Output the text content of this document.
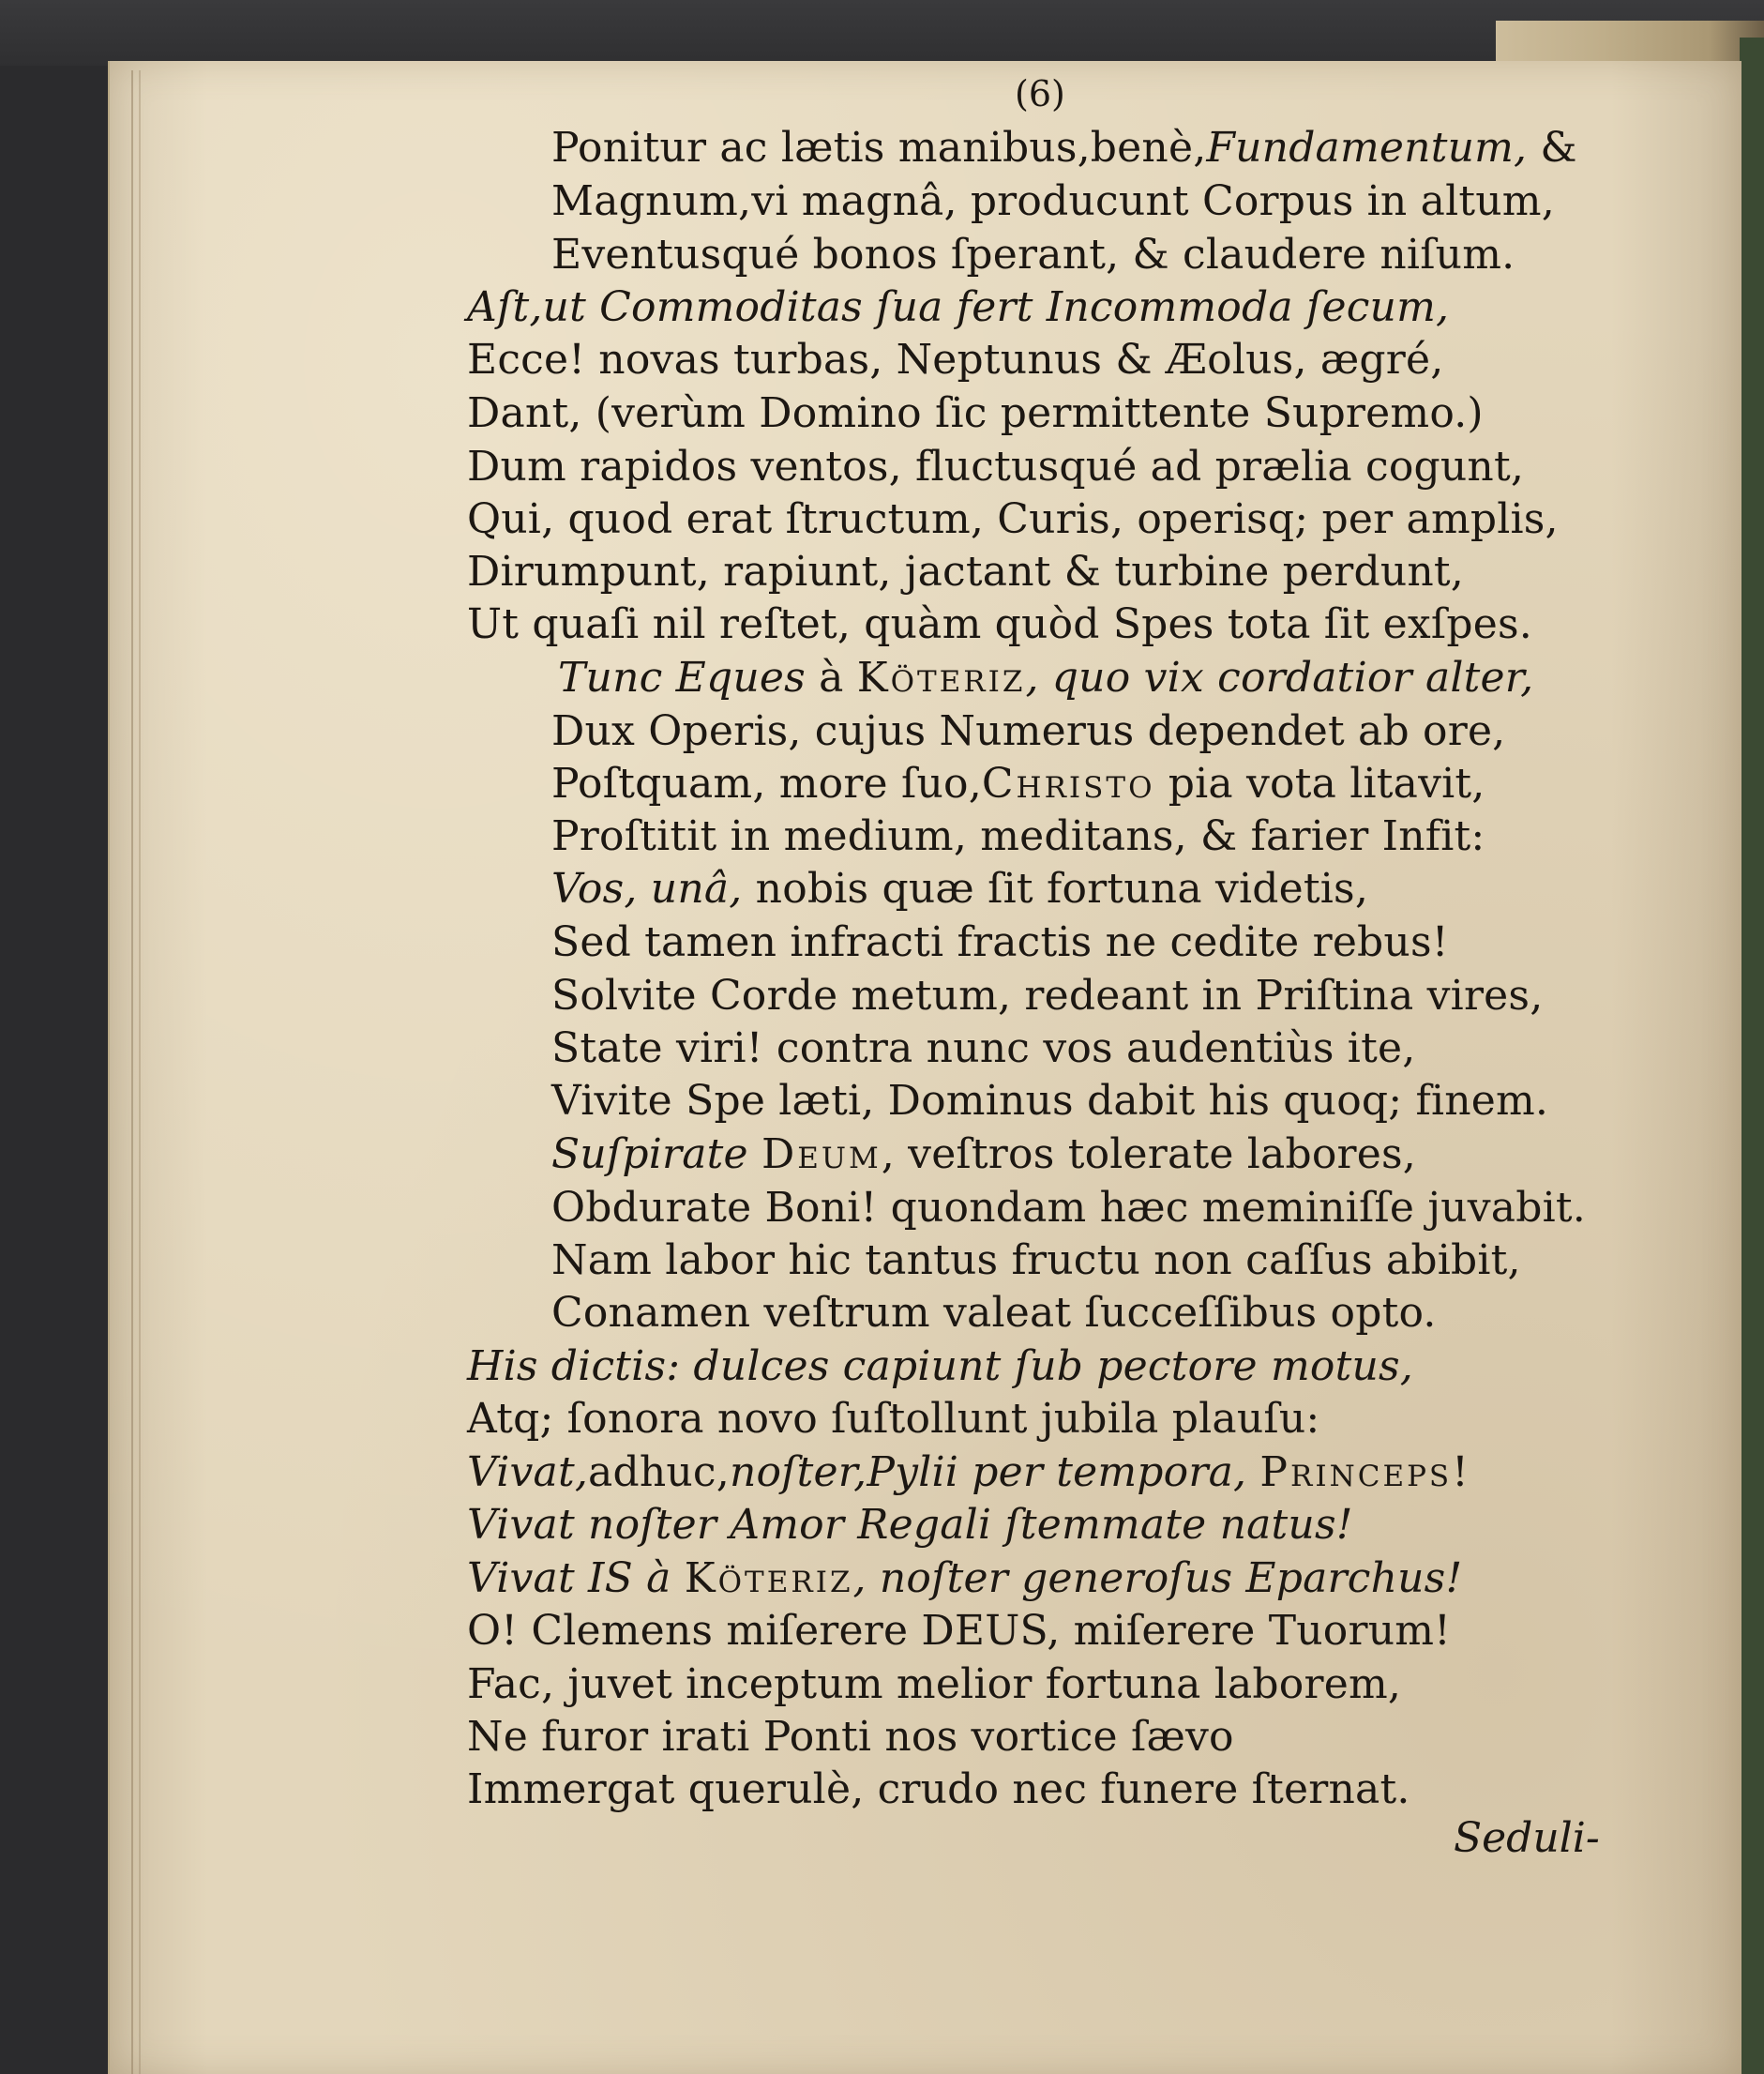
(6)
Ponitur ac lætis manibus,benè,Fundamentum, &
Magnum,vi magnâ, producunt Corpus in altum,
Eventusqué bonos ſperant, & claudere niſum.
Aſt,ut Commoditas ſua fert Incommoda ſecum,
Ecce! novas turbas, Neptunus & Æolus, ægré,
Dant, (verùm Domino ſic permittente Supremo.)
Dum rapidos ventos, fluctusqué ad prælia cogunt,
Qui, quod erat ſtructum, Curis, operisq; per amplis,
Dirumpunt, rapiunt, jactant & turbine perdunt,
Ut quaſi nil reſtet, quàm quòd Spes tota ſit exſpes.
Tunc Eques à Köteriz, quo vix cordatior alter,
Dux Operis, cujus Numerus dependet ab ore,
Poſtquam, more ſuo,Christo pia vota litavit,
Proſtitit in medium, meditans, & farier Infit:
Vos, unâ, nobis quæ ſit fortuna videtis,
Sed tamen infracti fractis ne cedite rebus!
Solvite Corde metum, redeant in Priſtina vires,
State viri! contra nunc vos audentiùs ite,
Vivite Spe læti, Dominus dabit his quoq; finem.
Suſpirate Deum, veſtros tolerate labores,
Obdurate Boni! quondam hæc meminiſſe juvabit.
Nam labor hic tantus fructu non caſſus abibit,
Conamen veſtrum valeat ſucceſſibus opto.
His dictis: dulces capiunt ſub pectore motus,
Atq; ſonora novo ſuſtollunt jubila plauſu:
Vivat,adhuc,noſter,Pylii per tempora, Princeps!
Vivat noſter Amor Regali ſtemmate natus!
Vivat IS à Köteriz, noſter generoſus Eparchus!
O! Clemens miſerere DEUS, miſerere Tuorum!
Fac, juvet inceptum melior fortuna laborem,
Ne furor irati Ponti nos vortice ſævo
Immergat querulè, crudo nec funere ſternat.
Seduli-
